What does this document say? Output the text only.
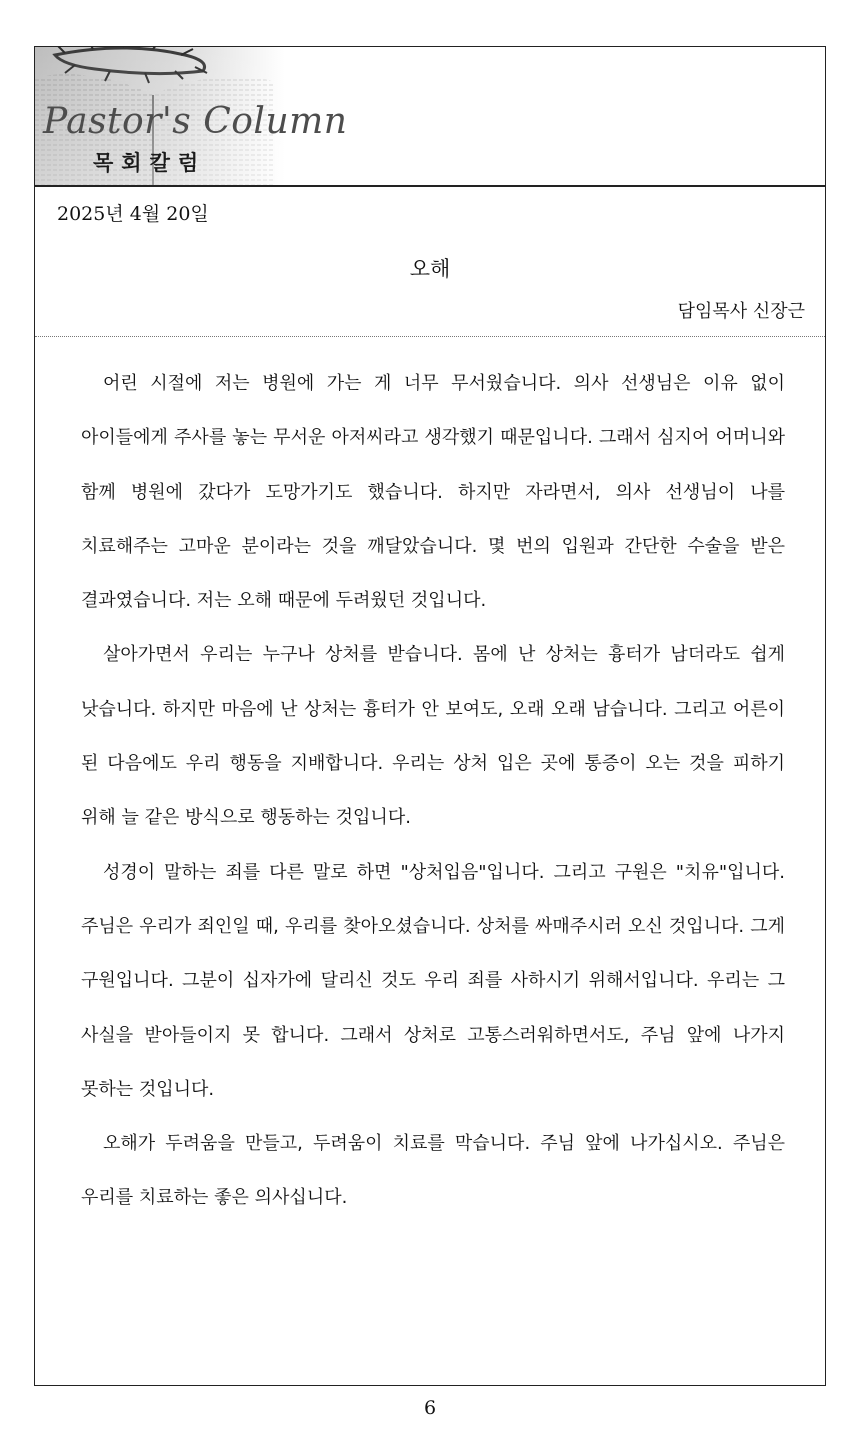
Pastor's Column
목회칼럼
2025년 4월 20일
오해
담임목사 신장근

어린 시절에 저는 병원에 가는 게 너무 무서웠습니다. 의사 선생님은 이유 없이 아이들에게 주사를 놓는 무서운 아저씨라고 생각했기 때문입니다. 그래서 심지어 어머니와 함께 병원에 갔다가 도망가기도 했습니다. 하지만 자라면서, 의사 선생님이 나를 치료해주는 고마운 분이라는 것을 깨달았습니다. 몇 번의 입원과 간단한 수술을 받은 결과였습니다. 저는 오해 때문에 두려웠던 것입니다.

살아가면서 우리는 누구나 상처를 받습니다. 몸에 난 상처는 흉터가 남더라도 쉽게 낫습니다. 하지만 마음에 난 상처는 흉터가 안 보여도, 오래 오래 남습니다. 그리고 어른이 된 다음에도 우리 행동을 지배합니다. 우리는 상처 입은 곳에 통증이 오는 것을 피하기 위해 늘 같은 방식으로 행동하는 것입니다.

성경이 말하는 죄를 다른 말로 하면 "상처입음"입니다. 그리고 구원은 "치유"입니다. 주님은 우리가 죄인일 때, 우리를 찾아오셨습니다. 상처를 싸매주시러 오신 것입니다. 그게 구원입니다. 그분이 십자가에 달리신 것도 우리 죄를 사하시기 위해서입니다. 우리는 그 사실을 받아들이지 못 합니다. 그래서 상처로 고통스러워하면서도, 주님 앞에 나가지 못하는 것입니다.

오해가 두려움을 만들고, 두려움이 치료를 막습니다. 주님 앞에 나가십시오. 주님은 우리를 치료하는 좋은 의사십니다.

6
